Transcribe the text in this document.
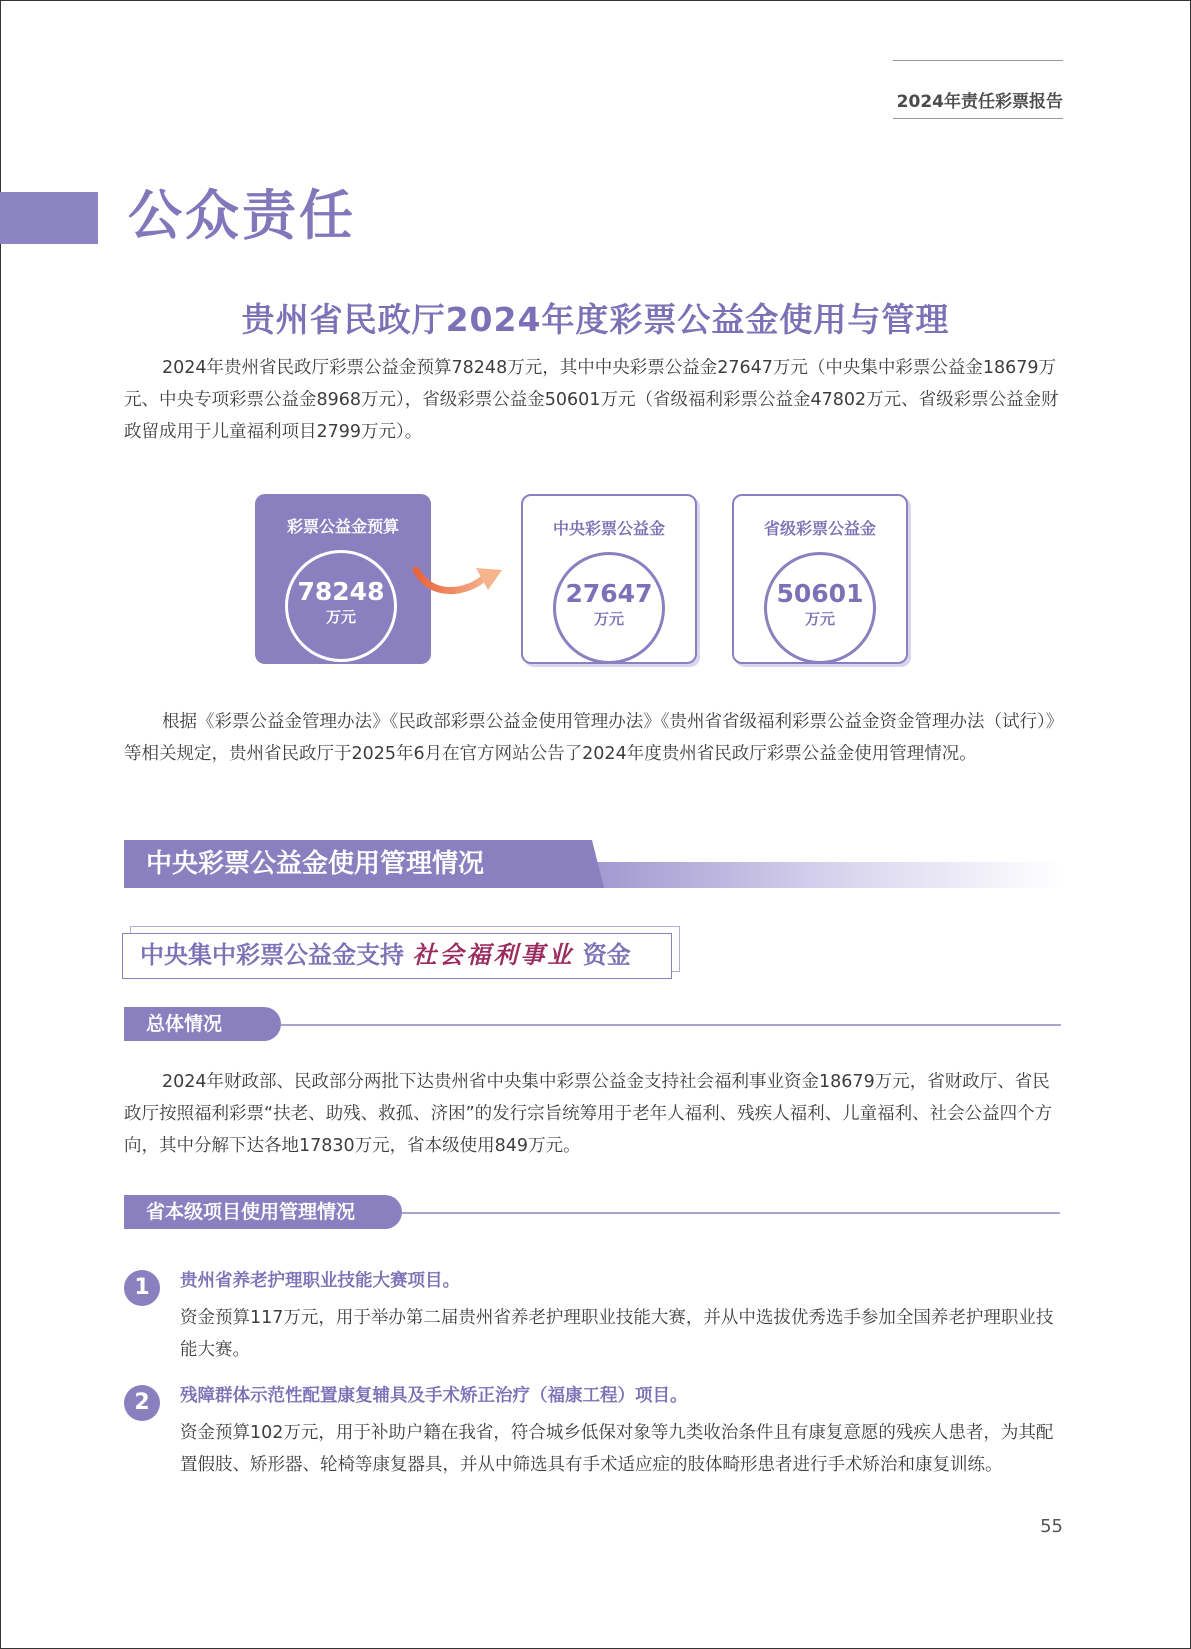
2024年责任彩票报告
公众责任
贵州省民政厅2024年度彩票公益金使用与管理

2024年贵州省民政厅彩票公益金预算78248万元，其中中央彩票公益金27647万元（中央集中彩票公益金18679万元、中央专项彩票公益金8968万元），省级彩票公益金50601万元（省级福利彩票公益金47802万元、省级彩票公益金财政留成用于儿童福利项目2799万元）。

彩票公益金预算
78248
万元
中央彩票公益金
27647
万元
省级彩票公益金
50601
万元

根据《彩票公益金管理办法》《民政部彩票公益金使用管理办法》《贵州省省级福利彩票公益金资金管理办法（试行）》等相关规定，贵州省民政厅于2025年6月在官方网站公告了2024年度贵州省民政厅彩票公益金使用管理情况。

中央彩票公益金使用管理情况
中央集中彩票公益金支持 社会福利事业 资金
总体情况

2024年财政部、民政部分两批下达贵州省中央集中彩票公益金支持社会福利事业资金18679万元，省财政厅、省民政厅按照福利彩票“扶老、助残、救孤、济困”的发行宗旨统筹用于老年人福利、残疾人福利、儿童福利、社会公益四个方向，其中分解下达各地17830万元，省本级使用849万元。

省本级项目使用管理情况
1	贵州省养老护理职业技能大赛项目。

资金预算117万元，用于举办第二届贵州省养老护理职业技能大赛，并从中选拔优秀选手参加全国养老护理职业技能大赛。

2	残障群体示范性配置康复辅具及手术矫正治疗（福康工程）项目。

资金预算102万元，用于补助户籍在我省，符合城乡低保对象等九类收治条件且有康复意愿的残疾人患者，为其配置假肢、矫形器、轮椅等康复器具，并从中筛选具有手术适应症的肢体畸形患者进行手术矫治和康复训练。

55
